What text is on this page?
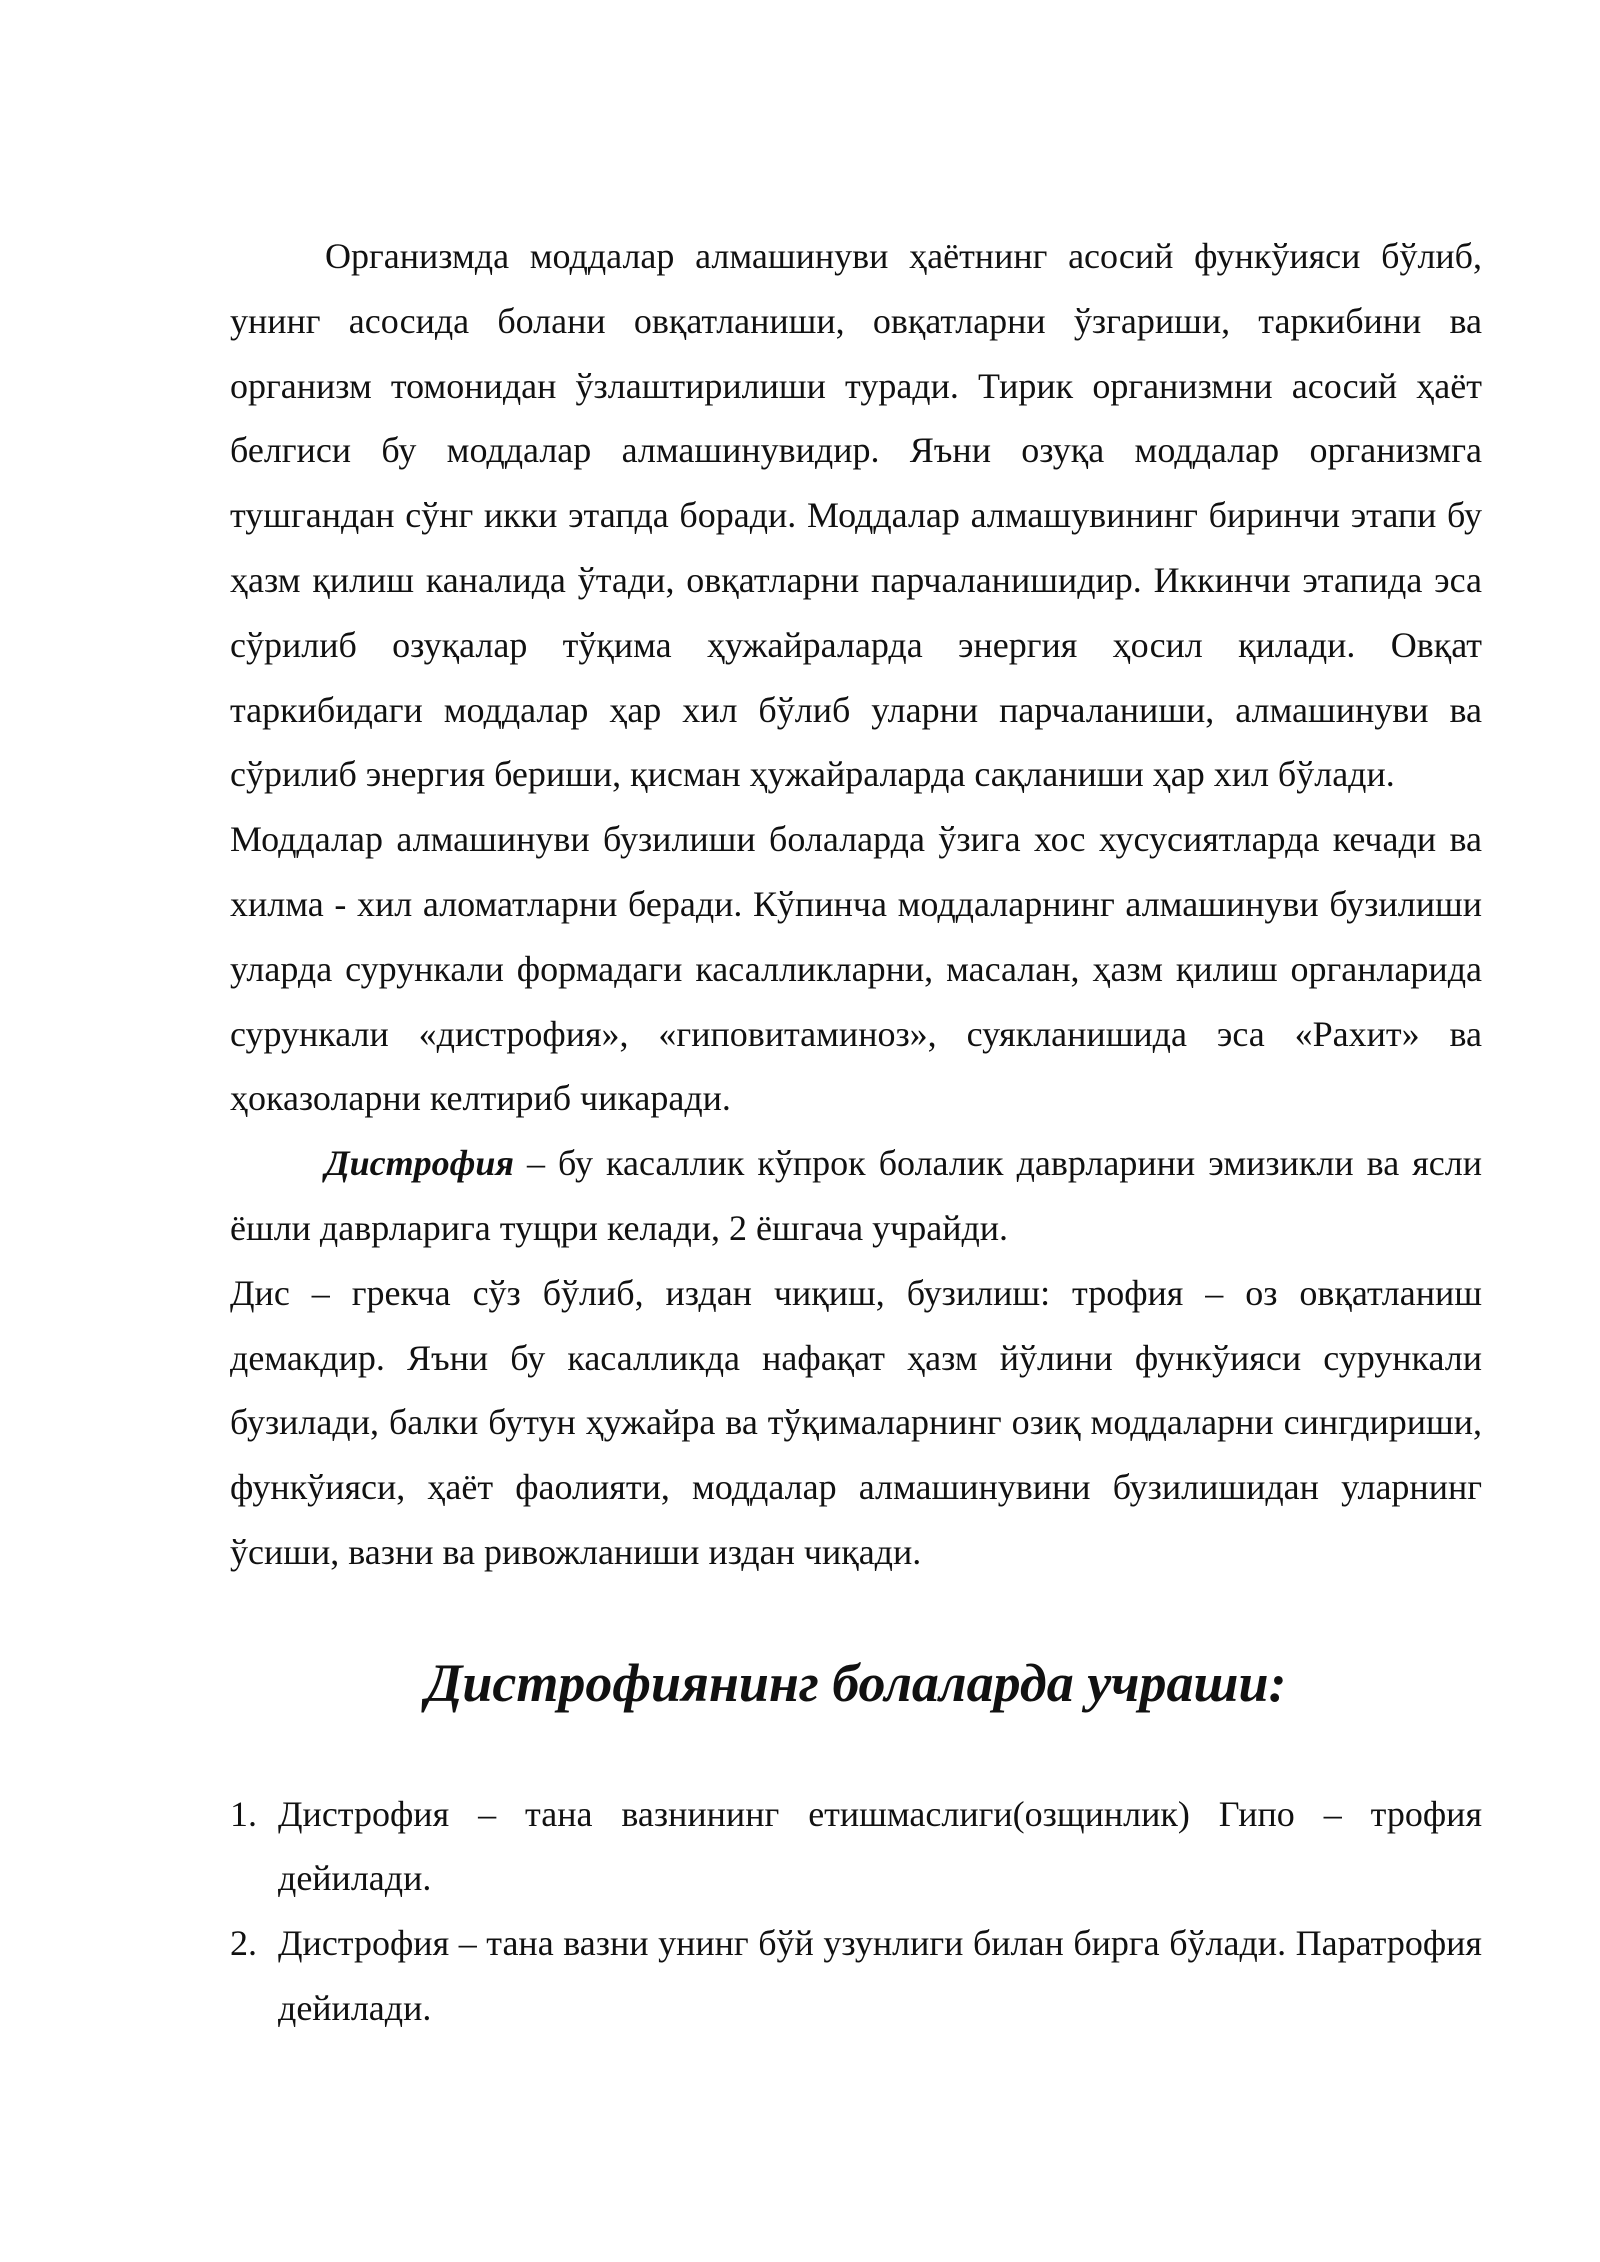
Организмда моддалар алмашинуви ҳаётнинг асосий функўияси бўлиб, унинг асосида болани овқатланиши, овқатларни ўзгариши, таркибини ва организм томонидан ўзлаштирилиши туради. Тирик организмни асосий ҳаёт белгиси бу моддалар алмашинувидир. Яъни озуқа моддалар организмга тушгандан сўнг икки этапда боради. Моддалар алмашувининг биринчи этапи бу ҳазм қилиш каналида ўтади, овқатларни парчаланишидир. Иккинчи этапида эса сўрилиб озуқалар тўқима ҳужайраларда энергия ҳосил қилади. Овқат таркибидаги моддалар ҳар хил бўлиб уларни парчаланиши, алмашинуви ва сўрилиб энергия бериши, қисман ҳужайраларда сақланиши ҳар хил бўлади.

Моддалар алмашинуви бузилиши болаларда ўзига хос хусусиятларда кечади ва хилма - хил аломатларни беради. Кўпинча моддаларнинг алмашинуви бузилиши уларда сурункали формадаги касалликларни, масалан, ҳазм қилиш органларида сурункали «дистрофия», «гиповитаминоз», суякланишида эса «Рахит» ва ҳоказоларни келтириб чикаради.

Дистрофия – бу касаллик кўпрок болалик даврларини эмизикли ва ясли ёшли даврларига тущри келади, 2 ёшгача учрайди.

Дис – грекча сўз бўлиб, издан чиқиш, бузилиш: трофия – оз овқатланиш демакдир. Яъни бу касалликда нафақат ҳазм йўлини функўияси сурункали бузилади, балки бутун ҳужайра ва тўқималарнинг озиқ моддаларни сингдириши, функўияси, ҳаёт фаолияти, моддалар алмашинувини бузилишидан уларнинг ўсиши, вазни ва ривожланиши издан чиқади.

Дистрофиянинг болаларда учраши:
1. Дистрофия – тана вазнининг етишмаслиги(озщинлик) Гипо – трофия дейилади.
2. Дистрофия – тана вазни унинг бўй узунлиги билан бирга бўлади. Паратрофия дейилади.
